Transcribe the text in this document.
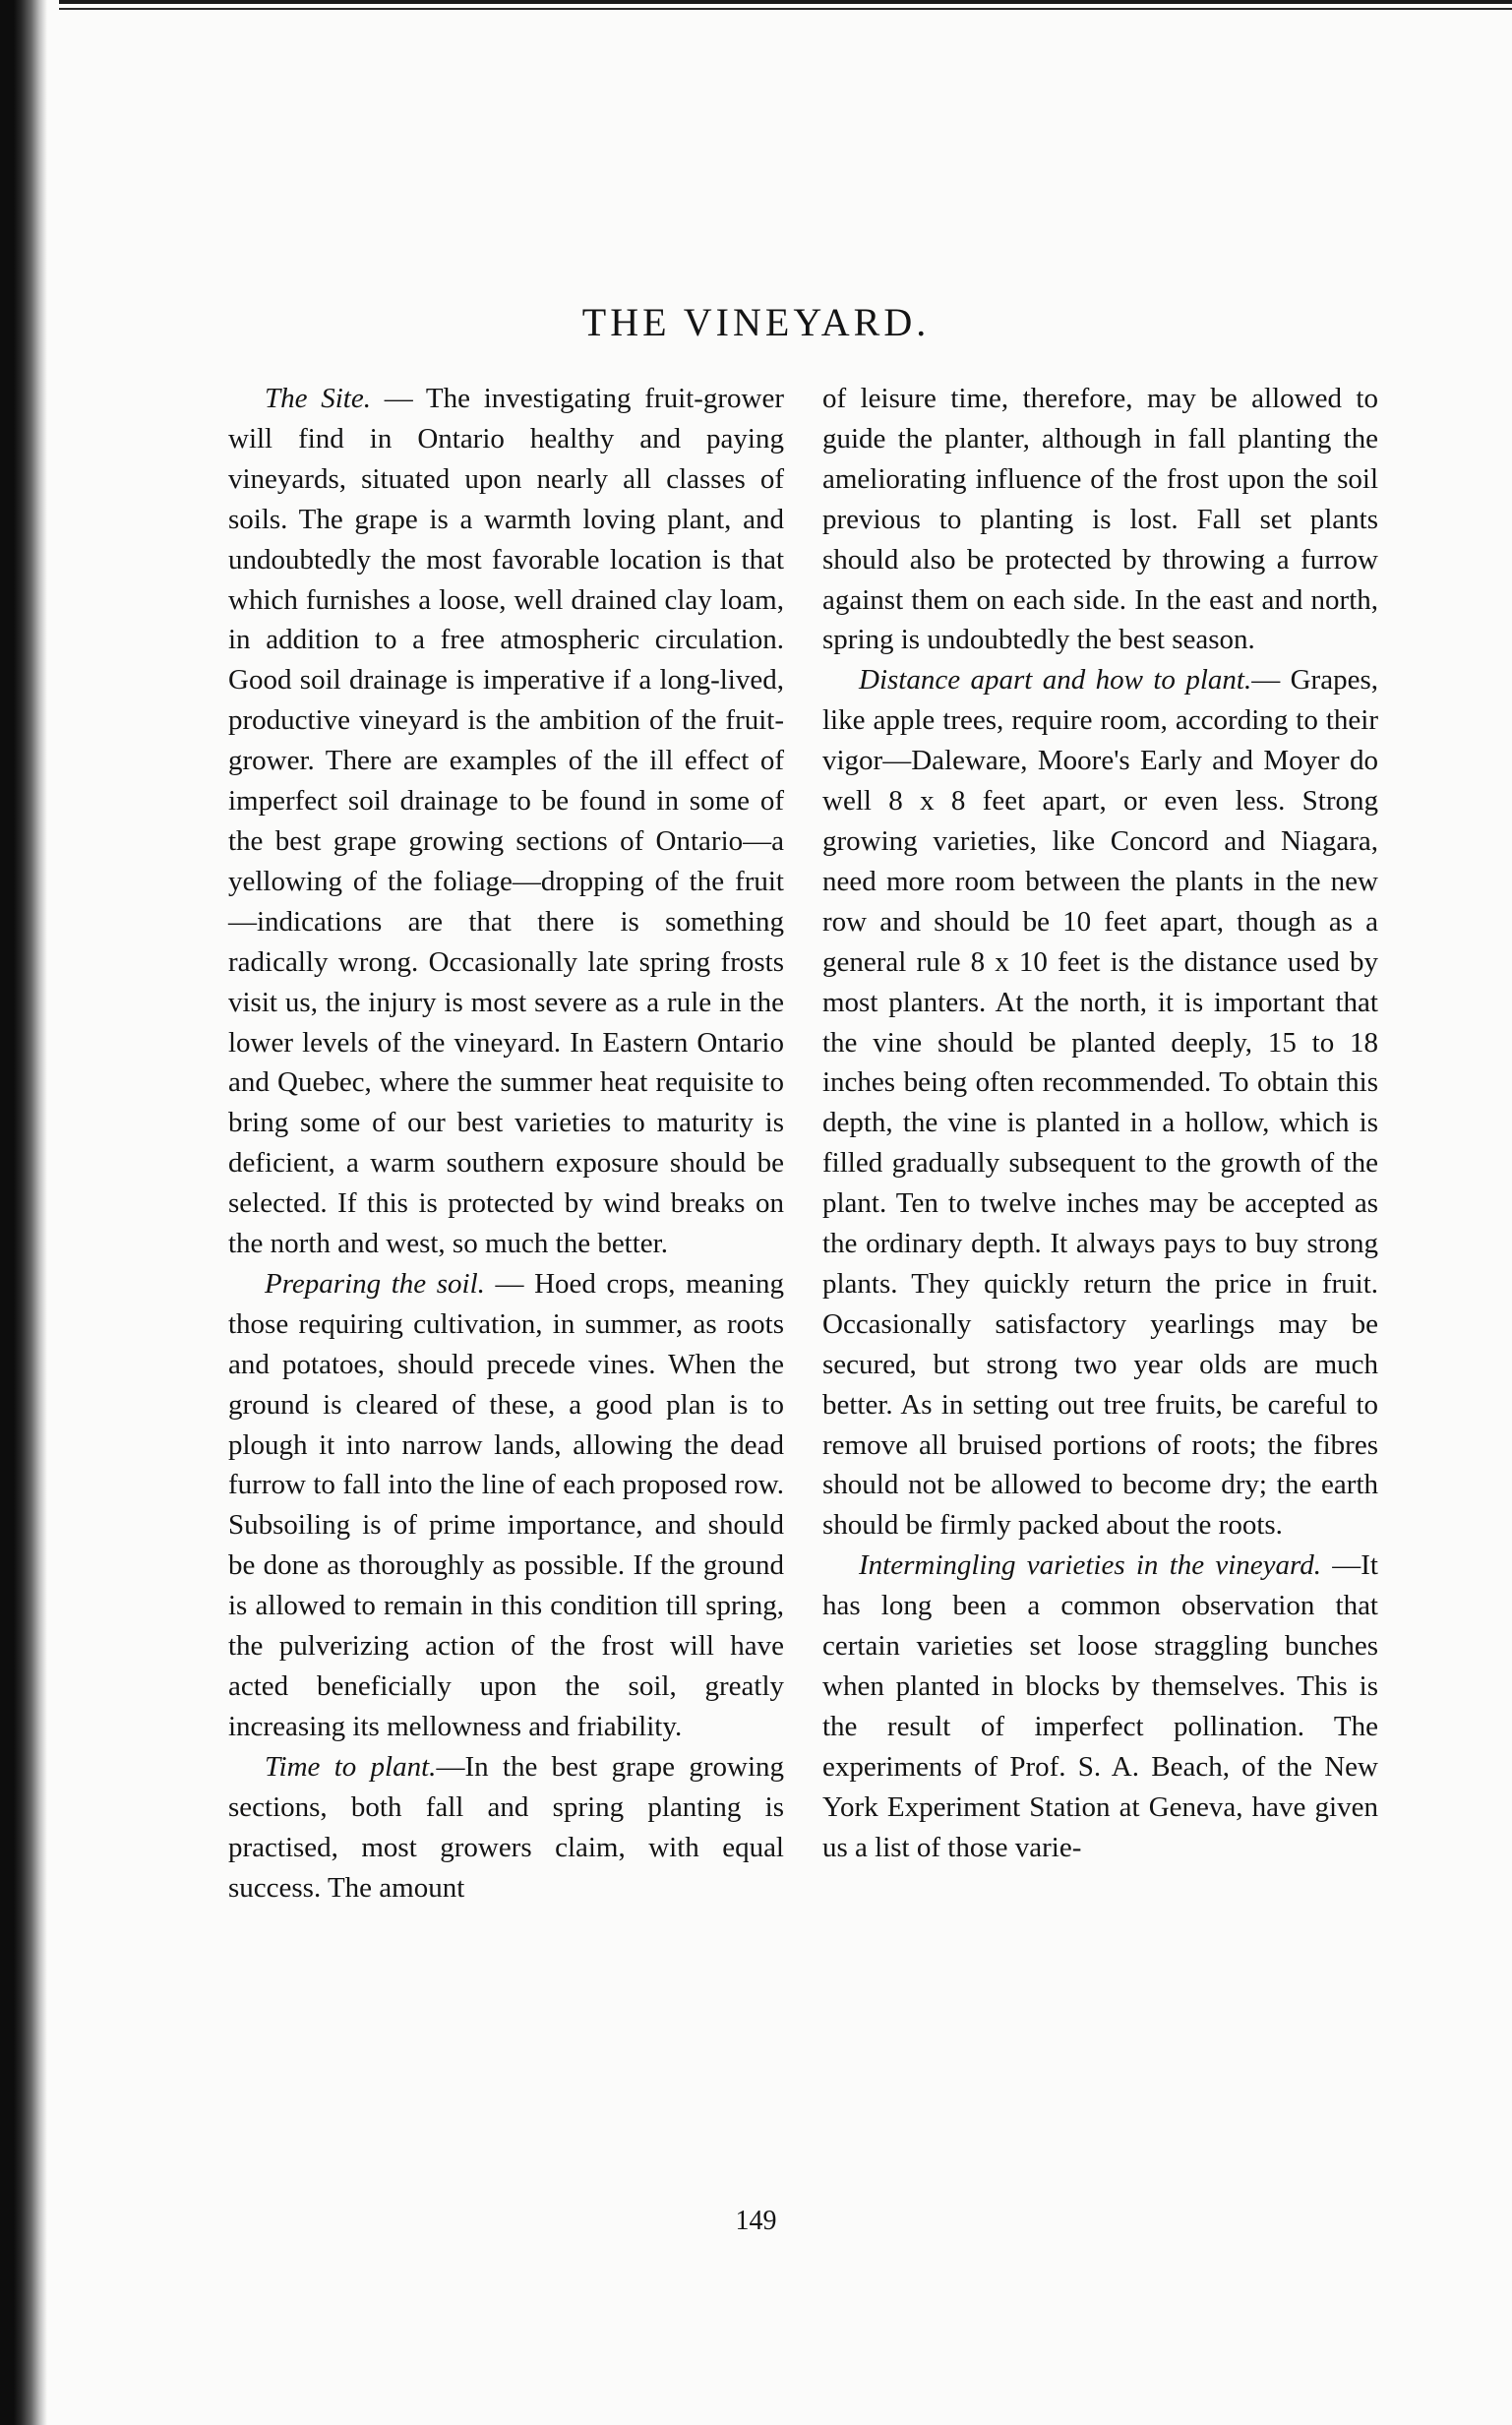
THE VINEYARD.

The Site. — The investigating fruit-grower will find in Ontario healthy and paying vineyards, situated upon nearly all classes of soils. The grape is a warmth loving plant, and undoubtedly the most favorable location is that which furnishes a loose, well drained clay loam, in addition to a free atmospheric circulation. Good soil drainage is imperative if a long-lived, productive vineyard is the ambition of the fruit-grower. There are examples of the ill effect of imperfect soil drainage to be found in some of the best grape growing sections of Ontario—a yellowing of the foliage—dropping of the fruit—indications are that there is something radically wrong. Occasionally late spring frosts visit us, the injury is most severe as a rule in the lower levels of the vineyard. In Eastern Ontario and Quebec, where the summer heat requisite to bring some of our best varieties to maturity is deficient, a warm southern exposure should be selected. If this is protected by wind breaks on the north and west, so much the better.

Preparing the soil. — Hoed crops, meaning those requiring cultivation, in summer, as roots and potatoes, should precede vines. When the ground is cleared of these, a good plan is to plough it into narrow lands, allowing the dead furrow to fall into the line of each proposed row. Subsoiling is of prime importance, and should be done as thoroughly as possible. If the ground is allowed to remain in this condition till spring, the pulverizing action of the frost will have acted beneficially upon the soil, greatly increasing its mellowness and friability.

Time to plant.—In the best grape growing sections, both fall and spring planting is practised, most growers claim, with equal success. The amount

of leisure time, therefore, may be allowed to guide the planter, although in fall planting the ameliorating influence of the frost upon the soil previous to planting is lost. Fall set plants should also be protected by throwing a furrow against them on each side. In the east and north, spring is undoubtedly the best season.

Distance apart and how to plant.— Grapes, like apple trees, require room, according to their vigor—Daleware, Moore's Early and Moyer do well 8 x 8 feet apart, or even less. Strong growing varieties, like Concord and Niagara, need more room between the plants in the new row and should be 10 feet apart, though as a general rule 8 x 10 feet is the distance used by most planters. At the north, it is important that the vine should be planted deeply, 15 to 18 inches being often recommended. To obtain this depth, the vine is planted in a hollow, which is filled gradually subsequent to the growth of the plant. Ten to twelve inches may be accepted as the ordinary depth. It always pays to buy strong plants. They quickly return the price in fruit. Occasionally satisfactory yearlings may be secured, but strong two year olds are much better. As in setting out tree fruits, be careful to remove all bruised portions of roots; the fibres should not be allowed to become dry; the earth should be firmly packed about the roots.

Intermingling varieties in the vineyard. —It has long been a common observation that certain varieties set loose straggling bunches when planted in blocks by themselves. This is the result of imperfect pollination. The experiments of Prof. S. A. Beach, of the New York Experiment Station at Geneva, have given us a list of those varie-

149
